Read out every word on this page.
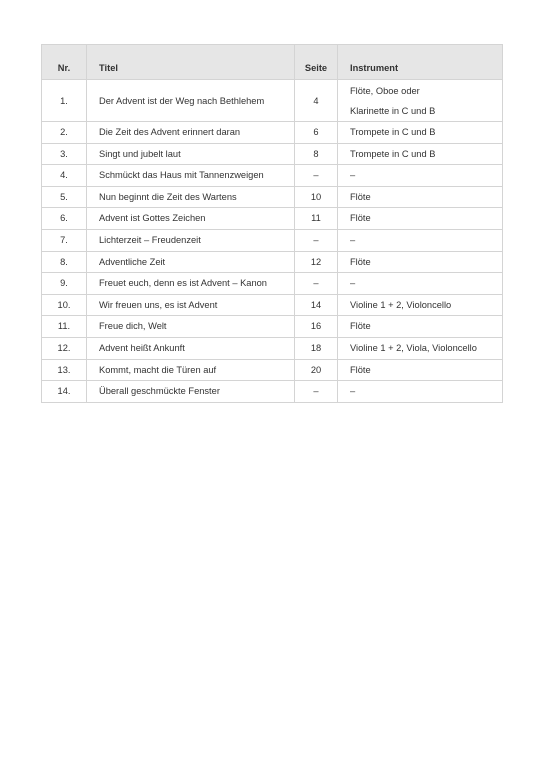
Nr.	Titel	Seite	Instrument
1.	Der Advent ist der Weg nach Bethlehem	4	Flöte, Oboe oder
Klarinette in C und B
2.	Die Zeit des Advent erinnert daran	6	Trompete in C und B
3.	Singt und jubelt laut	8	Trompete in C und B
4.	Schmückt das Haus mit Tannenzweigen	–	–
5.	Nun beginnt die Zeit des Wartens	10	Flöte
6.	Advent ist Gottes Zeichen	11	Flöte
7.	Lichterzeit – Freudenzeit	–	–
8.	Adventliche Zeit	12	Flöte
9.	Freuet euch, denn es ist Advent – Kanon	–	–
10.	Wir freuen uns, es ist Advent	14	Violine 1 + 2, Violoncello
11.	Freue dich, Welt	16	Flöte
12.	Advent heißt Ankunft	18	Violine 1 + 2, Viola, Violoncello
13.	Kommt, macht die Türen auf	20	Flöte
14.	Überall geschmückte Fenster	–	–
